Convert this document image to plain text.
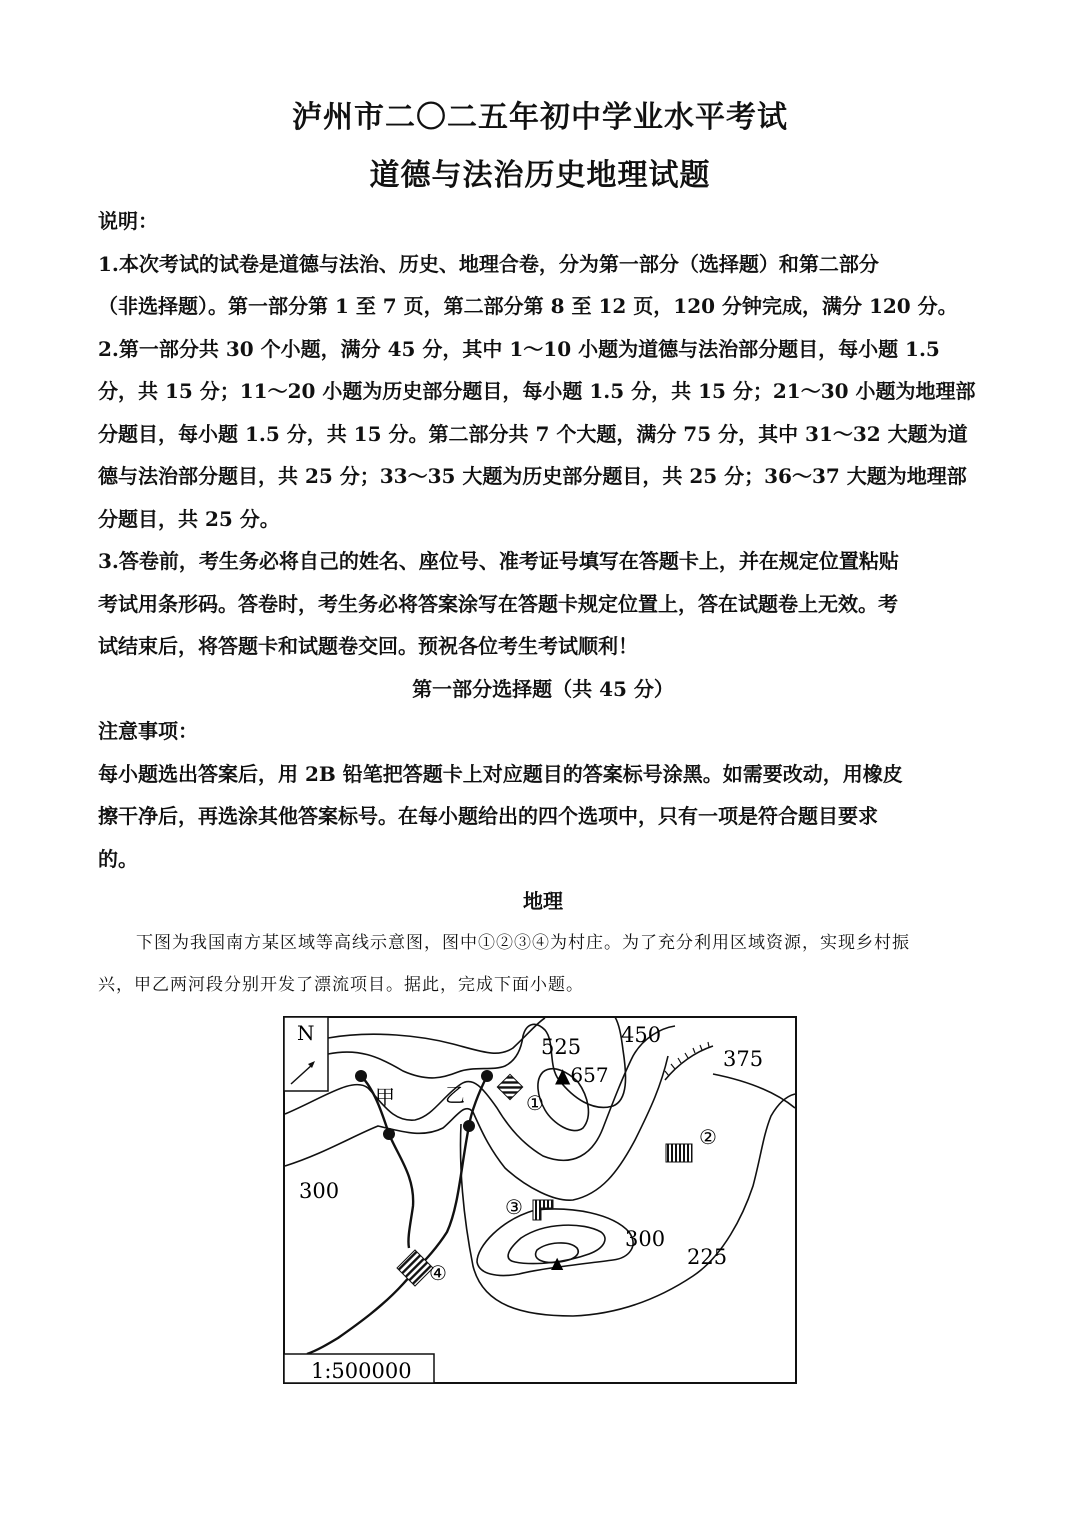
泸州市二〇二五年初中学业水平考试
道德与法治历史地理试题

说明：

1.本次考试的试卷是道德与法治、历史、地理合卷，分为第一部分（选择题）和第二部分

（非选择题）。第一部分第 1 至 7 页，第二部分第 8 至 12 页，120 分钟完成，满分 120 分。

2.第一部分共 30 个小题，满分 45 分，其中 1～10 小题为道德与法治部分题目，每小题 1.5

分，共 15 分；11～20 小题为历史部分题目，每小题 1.5 分，共 15 分；21～30 小题为地理部

分题目，每小题 1.5 分，共 15 分。第二部分共 7 个大题，满分 75 分，其中 31～32 大题为道

德与法治部分题目，共 25 分；33～35 大题为历史部分题目，共 25 分；36～37 大题为地理部

分题目，共 25 分。

3.答卷前，考生务必将自己的姓名、座位号、准考证号填写在答题卡上，并在规定位置粘贴

考试用条形码。答卷时，考生务必将答案涂写在答题卡规定位置上，答在试题卷上无效。考

试结束后，将答题卡和试题卷交回。预祝各位考生考试顺利！

第一部分选择题（共 45 分）

注意事项：

每小题选出答案后，用 2B 铅笔把答题卡上对应题目的答案标号涂黑。如需要改动，用橡皮

擦干净后，再选涂其他答案标号。在每小题给出的四个选项中，只有一项是符合题目要求

的。

地理

下图为我国南方某区域等高线示意图，图中①②③④为村庄。为了充分利用区域资源，实现乡村振
兴，甲乙两河段分别开发了漂流项目。据此，完成下面小题。

N
▲657
▲
525 450
375
300
300
225
甲	乙	①
②
③
④
1:500000
